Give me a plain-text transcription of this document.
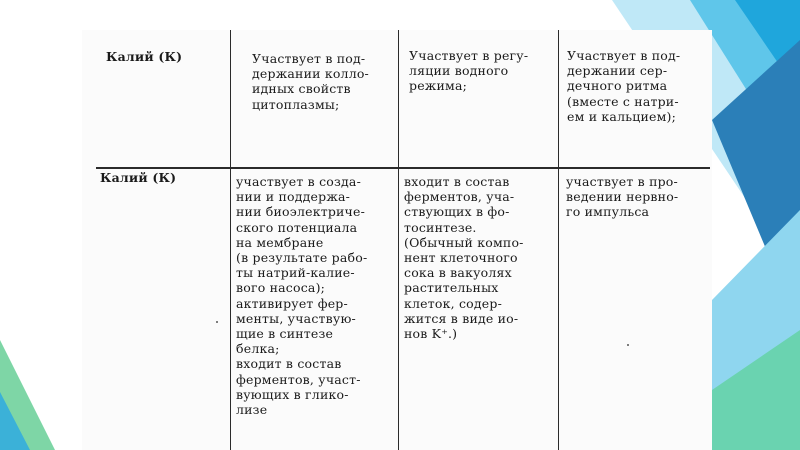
Калий (К)	Участвует в под-
держании колло-
идных свойств
цитоплазмы;
Участвует в регу-
ляции водного
режима;
Участвует в под-
держании сер-
дечного ритма
(вместе с натри-
ем и кальцием);
Калий (К)	участвует в созда-
нии и поддержа-
нии биоэлектриче-
ского потенциала
на мембране
(в результате рабо-
ты натрий-калие-
вого насоса);
активирует фер-
менты, участвую-
щие в синтезе
белка;
входит в состав
ферментов, участ-
вующих в глико-
лизе
входит в состав
ферментов, уча-
ствующих в фо-
тосинтезе.
(Обычный компо-
нент клеточного
сока в вакуолях
растительных
клеток, содер-
жится в виде ио-
нов K⁺.)
участвует в про-
ведении нервно-
го импульса
